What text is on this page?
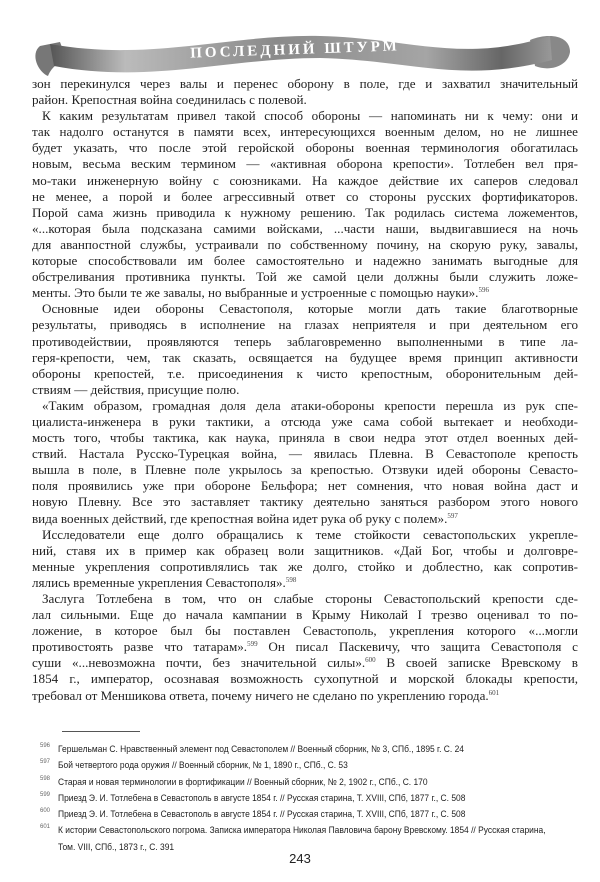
ПОСЛЕДНИЙ ШТУРМ
зон перекинулся через валы и перенес оборону в поле, где и захватил значительный
район. Крепостная война соединилась с полевой.
К каким результатам привел такой способ обороны — напоминать ни к чему: они и
так надолго останутся в памяти всех, интересующихся военным делом, но не лишнее
будет указать, что после этой геройской обороны военная терминология обогатилась
новым, весьма веским термином — «активная оборона крепости». Тотлебен вел пря-
мо-таки инженерную войну с союзниками. На каждое действие их саперов следовал
не менее, а порой и более агрессивный ответ со стороны русских фортификаторов.
Порой сама жизнь приводила к нужному решению. Так родилась система ложементов,
«...которая была подсказана самими войсками, ...части наши, выдвигавшиеся на ночь
для аванпостной службы, устраивали по собственному почину, на скорую руку, завалы,
которые способствовали им более самостоятельно и надежно занимать выгодные для
обстреливания противника пункты. Той же самой цели должны были служить ложе-
менты. Это были те же завалы, но выбранные и устроенные с помощью науки».$^{596}$
Основные идеи обороны Севастополя, которые могли дать такие благотворные
результаты, приводясь в исполнение на глазах неприятеля и при деятельном его
противодействии, проявляются теперь заблаговременно выполненными в типе ла-
геря-крепости, чем, так сказать, освящается на будущее время принцип активности
обороны крепостей, т.е. присоединения к чисто крепостным, оборонительным дей-
ствиям — действия, присущие полю.
«Таким образом, громадная доля дела атаки-обороны крепости перешла из рук спе-
циалиста-инженера в руки тактики, а отсюда уже сама собой вытекает и необходи-
мость того, чтобы тактика, как наука, приняла в свои недра этот отдел военных дей-
ствий. Настала Русско-Турецкая война, — явилась Плевна. В Севастополе крепость
вышла в поле, в Плевне поле укрылось за крепостью. Отзвуки идей обороны Севасто-
поля проявились уже при обороне Бельфора; нет сомнения, что новая война даст и
новую Плевну. Все это заставляет тактику деятельно заняться разбором этого нового
вида военных действий, где крепостная война идет рука об руку с полем».$^{597}$
Исследователи еще долго обращались к теме стойкости севастопольских укрепле-
ний, ставя их в пример как образец воли защитников. «Дай Бог, чтобы и долговре-
менные укрепления сопротивлялись так же долго, стойко и доблестно, как сопротив-
лялись временные укрепления Севастополя».$^{598}$
Заслуга Тотлебена в том, что он слабые стороны Севастопольский крепости сде-
лал сильными. Еще до начала кампании в Крыму Николай I трезво оценивал то по-
ложение, в которое был бы поставлен Севастополь, укрепления которого «...могли
противостоять разве что татарам».$^{599}$ Он писал Паскевичу, что защита Севастополя с
суши «...невозможна почти, без значительной силы».$^{600}$ В своей записке Вревскому в
1854 г., император, осознавая возможность сухопутной и морской блокады крепости,
требовал от Меншикова ответа, почему ничего не сделано по укреплению города.$^{601}$
596 Гершельман С. Нравственный элемент под Севастополем // Военный сборник, № 3, СПб., 1895 г. С. 24
597 Бой четвертого рода оружия // Военный сборник, № 1, 1890 г., СПб., С. 53
598 Старая и новая терминологии в фортификации // Военный сборник, № 2, 1902 г., СПб., С. 170
599 Приезд Э. И. Тотлебена в Севастополь в августе 1854 г. // Русская старина, Т. XVIII, СПб, 1877 г., С. 508
600 Приезд Э. И. Тотлебена в Севастополь в августе 1854 г. // Русская старина, Т. XVIII, СПб, 1877 г., С. 508
601 К истории Севастопольского погрома. Записка императора Николая Павловича барону Вревскому. 1854 // Русская старина,
Том. VIII, СПб., 1873 г., С. 391
243
